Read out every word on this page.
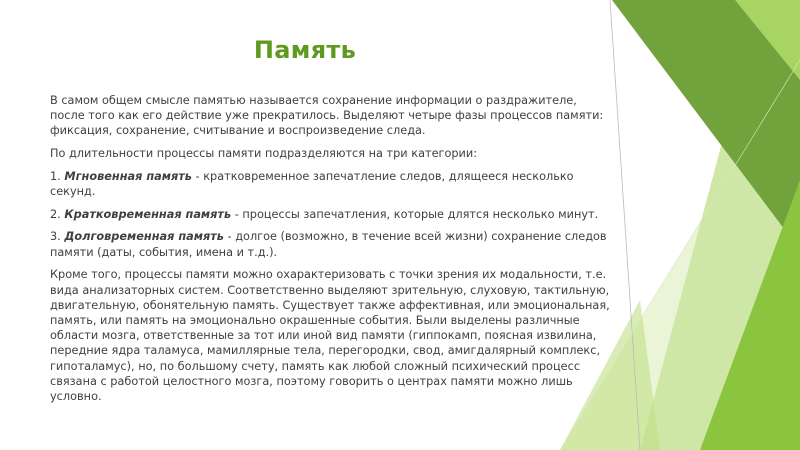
Память

В самом общем смысле памятью называется сохранение информации о раздражителе, после того как его действие уже прекратилось. Выделяют четыре фазы процессов памяти: фиксация, сохранение, считывание и воспроизведение следа.

По длительности процессы памяти подразделяются на три категории:

1. Мгновенная память - кратковременное запечатление следов, длящееся несколько секунд.

2. Кратковременная память - процессы запечатления, которые длятся несколько минут.

3. Долговременная память - долгое (возможно, в течение всей жизни) сохранение следов памяти (даты, события, имена и т.д.).

Кроме того, процессы памяти можно охарактеризовать с точки зрения их модальности, т.е. вида анализаторных систем. Соответственно выделяют зрительную, слуховую, тактильную, двигательную, обонятельную память. Существует также аффективная, или эмоциональная, память, или память на эмоционально окрашенные события. Были выделены различные области мозга, ответственные за тот или иной вид памяти (гиппокамп, поясная извилина, передние ядра таламуса, мамиллярные тела, перегородки, свод, амигдалярный комплекс, гипоталамус), но, по большому счету, память как любой сложный психический процесс связана с работой целостного мозга, поэтому говорить о центрах памяти можно лишь условно.
